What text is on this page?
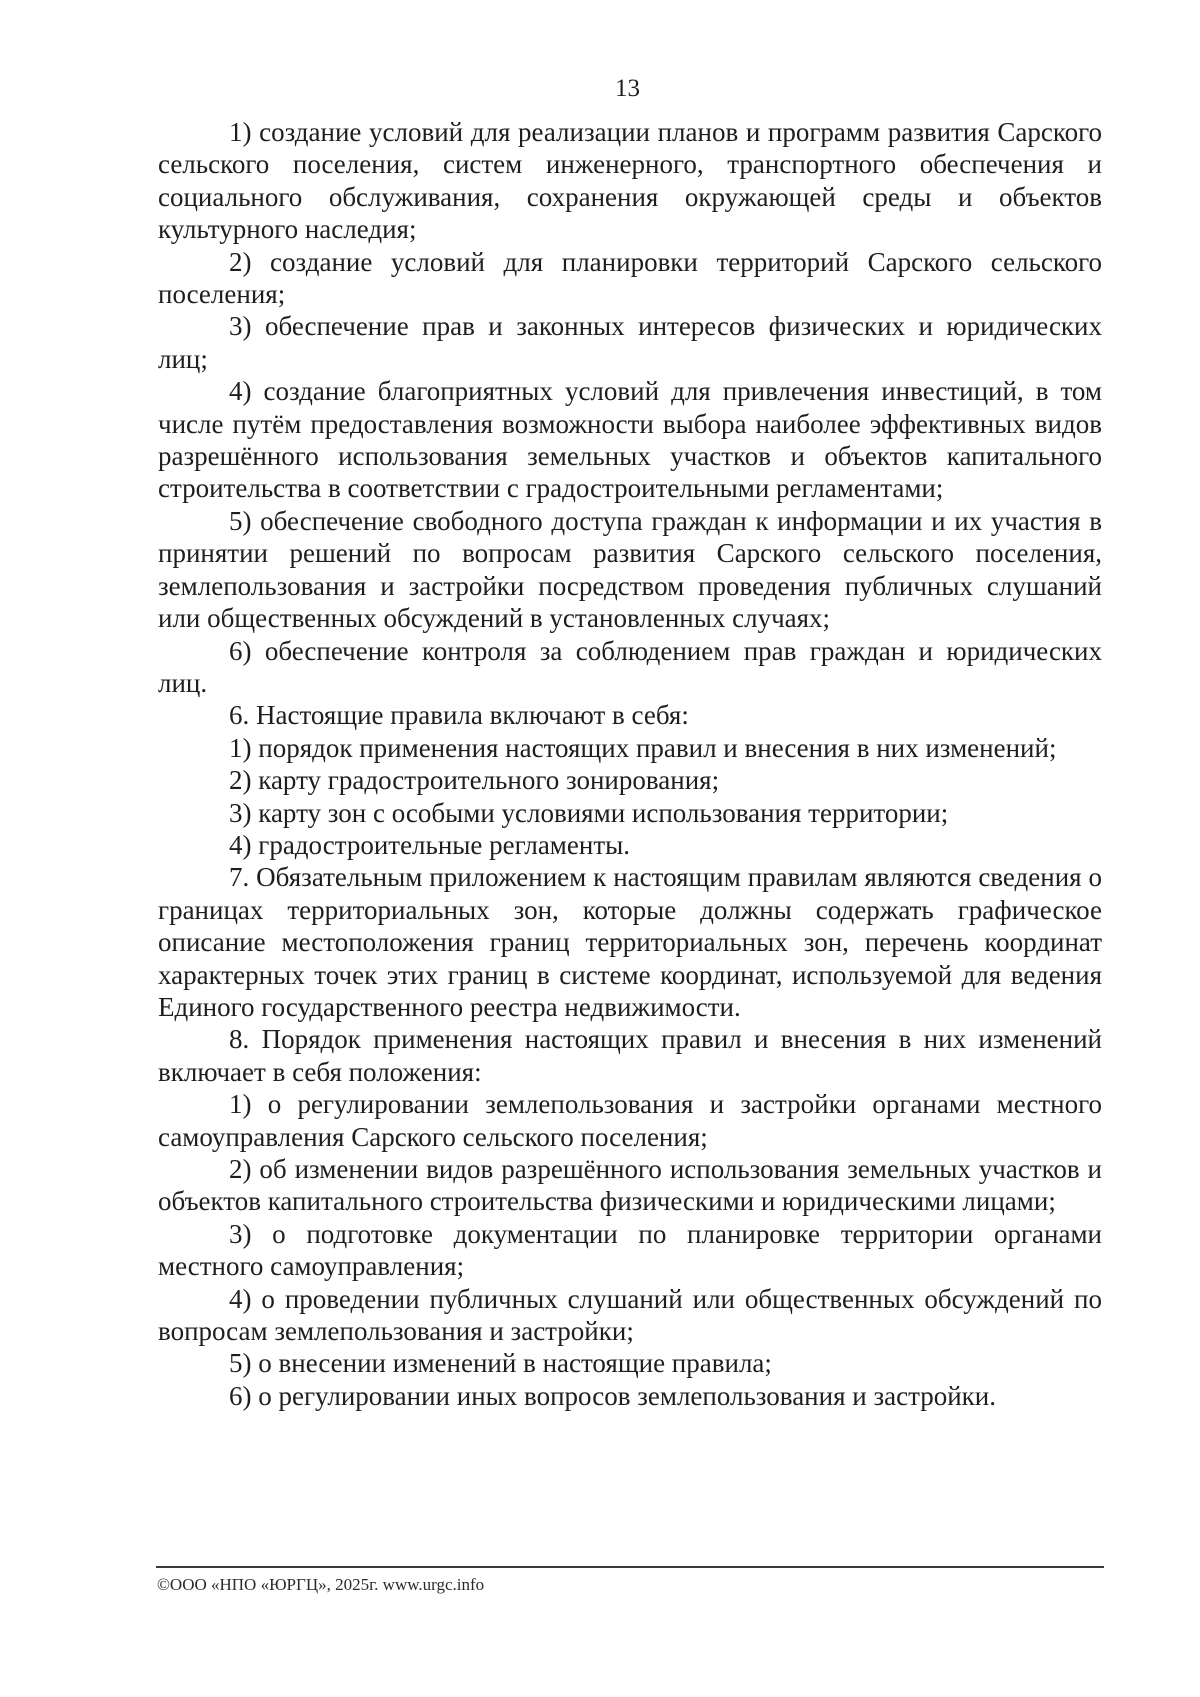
13

1) создание условий для реализации планов и программ развития Сарского сельского поселения, систем инженерного, транспортного обеспечения и социального обслуживания, сохранения окружающей среды и объектов культурного наследия;

2) создание условий для планировки территорий Сарского сельского поселения;

3) обеспечение прав и законных интересов физических и юридических лиц;

4) создание благоприятных условий для привлечения инвестиций, в том числе путём предоставления возможности выбора наиболее эффективных видов разрешённого использования земельных участков и объектов капитального строительства в соответствии с градостроительными регламентами;

5) обеспечение свободного доступа граждан к информации и их участия в принятии решений по вопросам развития Сарского сельского поселения, землепользования и застройки посредством проведения публичных слушаний или общественных обсуждений в установленных случаях;

6) обеспечение контроля за соблюдением прав граждан и юридических лиц.

6. Настоящие правила включают в себя:

1) порядок применения настоящих правил и внесения в них изменений;

2) карту градостроительного зонирования;

3) карту зон с особыми условиями использования территории;

4) градостроительные регламенты.

7. Обязательным приложением к настоящим правилам являются сведения о границах территориальных зон, которые должны содержать графическое описание местоположения границ территориальных зон, перечень координат характерных точек этих границ в системе координат, используемой для ведения Единого государственного реестра недвижимости.

8. Порядок применения настоящих правил и внесения в них изменений включает в себя положения:

1) о регулировании землепользования и застройки органами местного самоуправления Сарского сельского поселения;

2) об изменении видов разрешённого использования земельных участков и объектов капитального строительства физическими и юридическими лицами;

3) о подготовке документации по планировке территории органами местного самоуправления;

4) о проведении публичных слушаний или общественных обсуждений по вопросам землепользования и застройки;

5) о внесении изменений в настоящие правила;

6) о регулировании иных вопросов землепользования и застройки.

©ООО «НПО «ЮРГЦ», 2025г. www.urgc.info
